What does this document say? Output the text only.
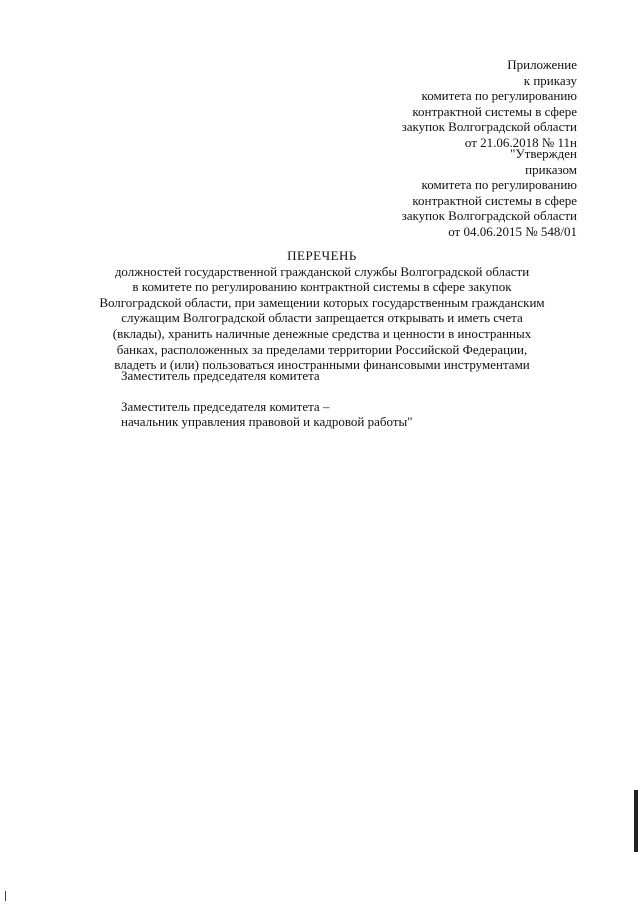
Приложение
к приказу
комитета по регулированию
контрактной системы в сфере
закупок Волгоградской области
от 21.06.2018 № 11н
"Утвержден
приказом
комитета по регулированию
контрактной системы в сфере
закупок Волгоградской области
от 04.06.2015 № 548/01
ПЕРЕЧЕНЬ
должностей государственной гражданской службы Волгоградской области
в комитете по регулированию контрактной системы в сфере закупок
Волгоградской области, при замещении которых государственным гражданским
служащим Волгоградской области запрещается открывать и иметь счета
(вклады), хранить наличные денежные средства и ценности в иностранных
банках, расположенных за пределами территории Российской Федерации,
владеть и (или) пользоваться иностранными финансовыми инструментами
Заместитель председателя комитета
Заместитель председателя комитета –
начальник управления правовой и кадровой работы"
